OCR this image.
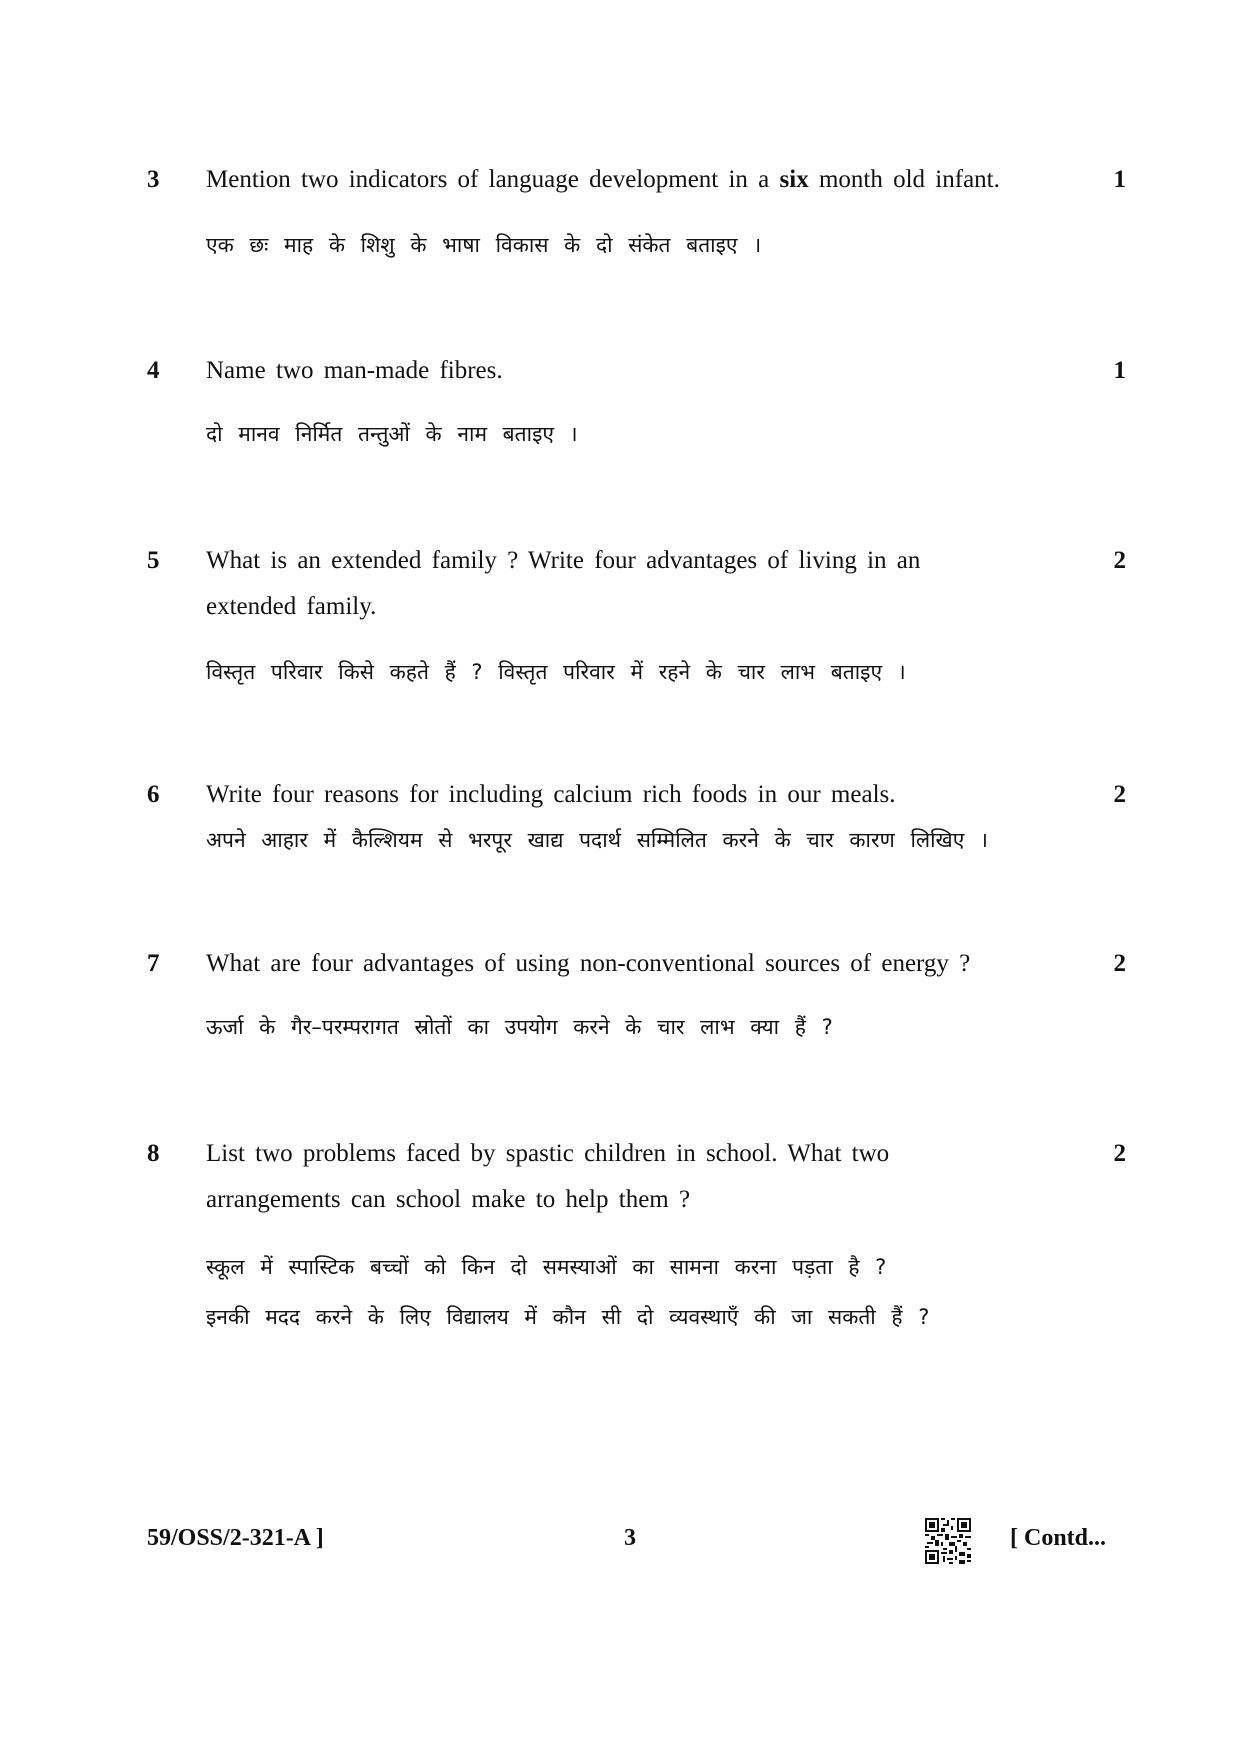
3 Mention two indicators of language development in a six month old infant.	1
एक छः माह के शिशु के भाषा विकास के दो संकेत बताइए ।
4 Name two man-made fibres.	1
दो मानव निर्मित तन्तुओं के नाम बताइए ।
5 What is an extended family ? Write four advantages of living in an
extended family.
2
विस्तृत परिवार किसे कहते हैं ? विस्तृत परिवार में रहने के चार लाभ बताइए ।
6 Write four reasons for including calcium rich foods in our meals.	2
अपने आहार में कैल्शियम से भरपूर खाद्य पदार्थ सम्मिलित करने के चार कारण लिखिए ।
7 What are four advantages of using non-conventional sources of energy ?	2
ऊर्जा के गैर–परम्परागत स्रोतों का उपयोग करने के चार लाभ क्या हैं ?
8 List two problems faced by spastic children in school. What two
arrangements can school make to help them ?
2
स्कूल में स्पास्टिक बच्चों को किन दो समस्याओं का सामना करना पड़ता है ?
इनकी मदद करने के लिए विद्यालय में कौन सी दो व्यवस्थाएँ की जा सकती हैं ?
59/OSS/2-321-A ]	3	[ Contd...
